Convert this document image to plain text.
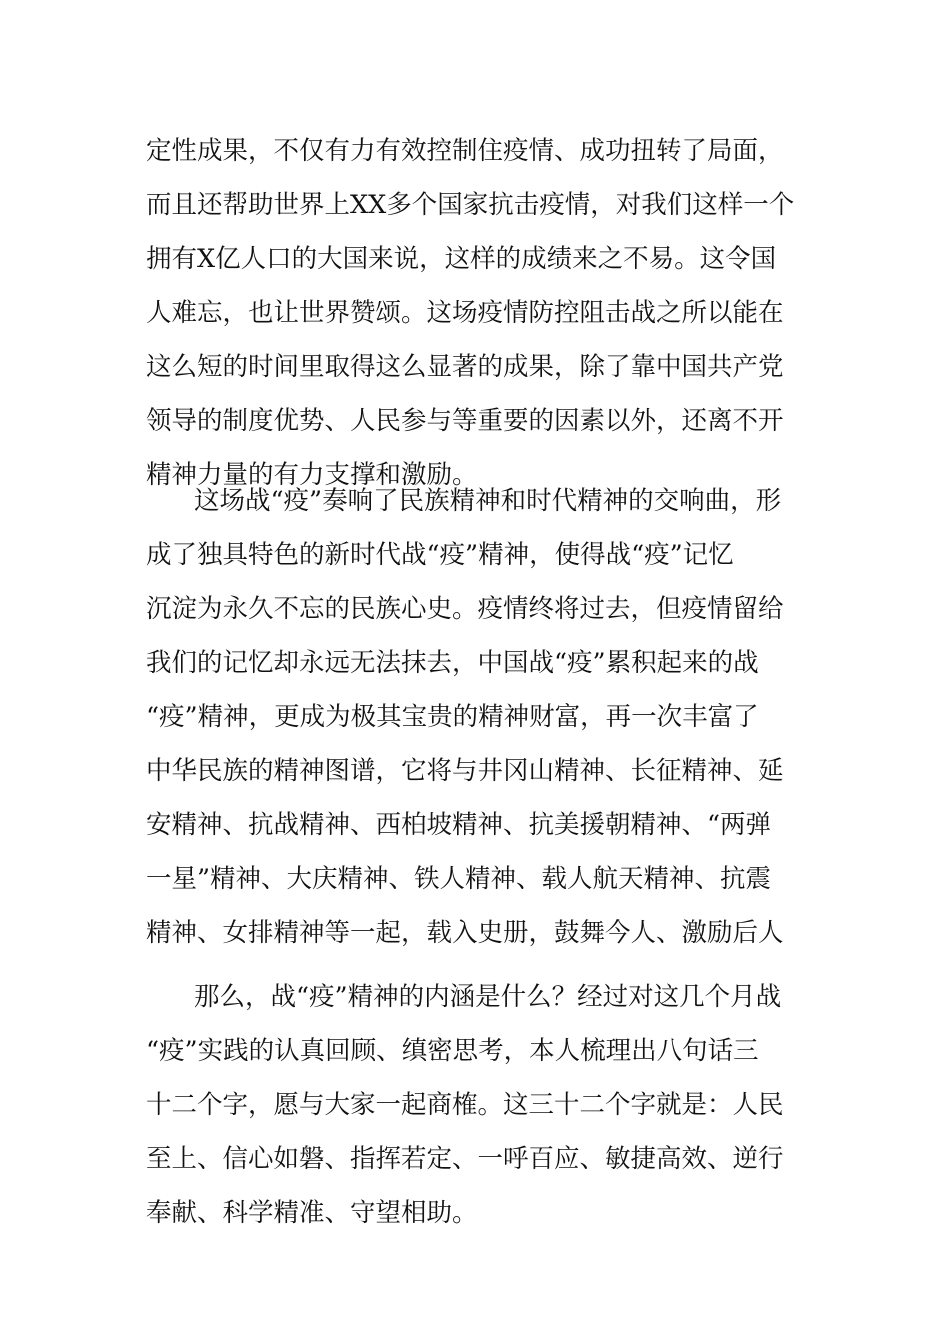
定性成果，不仅有力有效控制住疫情、成功扭转了局面，
而且还帮助世界上XX多个国家抗击疫情，对我们这样一个
拥有X亿人口的大国来说，这样的成绩来之不易。这令国
人难忘，也让世界赞颂。这场疫情防控阻击战之所以能在
这么短的时间里取得这么显著的成果，除了靠中国共产党
领导的制度优势、人民参与等重要的因素以外，还离不开
精神力量的有力支撑和激励。
这场战“疫”奏响了民族精神和时代精神的交响曲，形
成了独具特色的新时代战“疫”精神，使得战“疫”记忆
沉淀为永久不忘的民族心史。疫情终将过去，但疫情留给
我们的记忆却永远无法抹去，中国战“疫”累积起来的战
“疫”精神，更成为极其宝贵的精神财富，再一次丰富了
中华民族的精神图谱，它将与井冈山精神、长征精神、延
安精神、抗战精神、西柏坡精神、抗美援朝精神、“两弹
一星”精神、大庆精神、铁人精神、载人航天精神、抗震
精神、女排精神等一起，载入史册，鼓舞今人、激励后人
那么，战“疫”精神的内涵是什么？经过对这几个月战
“疫”实践的认真回顾、缜密思考，本人梳理出八句话三
十二个字，愿与大家一起商榷。这三十二个字就是：人民
至上、信心如磐、指挥若定、一呼百应、敏捷高效、逆行
奉献、科学精准、守望相助。
